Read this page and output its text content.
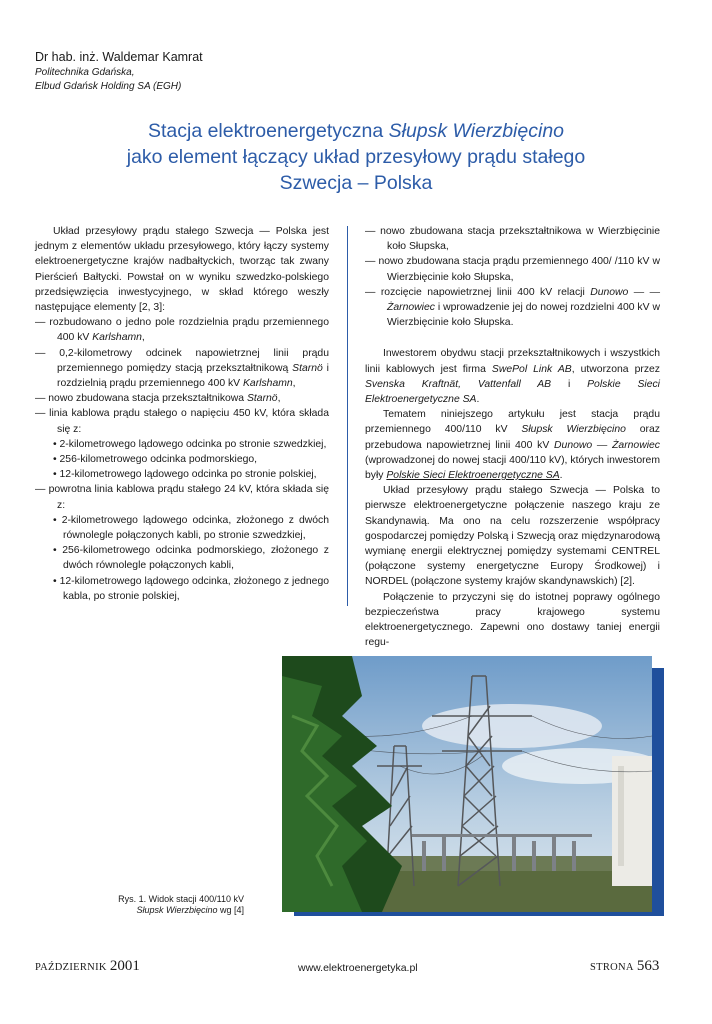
Dr hab. inż. Waldemar Kamrat
Politechnika Gdańska,
Elbud Gdańsk Holding SA (EGH)
Stacja elektroenergetyczna Słupsk Wierzbięcino
jako element łączący układ przesyłowy prądu stałego
Szwecja – Polska

Układ przesyłowy prądu stałego Szwecja — Polska jest jednym z elementów układu przesyłowego, który łączy systemy elektroenergetyczne krajów nadbałtyckich, tworząc tak zwany Pierścień Bałtycki. Powstał on w wyniku szwedzko-polskiego przedsięwzięcia inwestycyjnego, w skład którego weszły następujące elementy [2, 3]:

— rozbudowano o jedno pole rozdzielnia prądu przemiennego 400 kV Karlshamn,

— 0,2-kilometrowy odcinek napowietrznej linii prądu przemiennego pomiędzy stacją przekształtnikową Starnö i rozdzielnią prądu przemiennego 400 kV Karlshamn,

— nowo zbudowana stacja przekształtnikowa Starnö,

— linia kablowa prądu stałego o napięciu 450 kV, która składa się z:

• 2-kilometrowego lądowego odcinka po stronie szwedzkiej,

• 256-kilometrowego odcinka podmorskiego,

• 12-kilometrowego lądowego odcinka po stronie polskiej,

— powrotna linia kablowa prądu stałego 24 kV, która składa się z:

• 2-kilometrowego lądowego odcinka, złożonego z dwóch równolegle połączonych kabli, po stronie szwedzkiej,

• 256-kilometrowego odcinka podmorskiego, złożonego z dwóch równolegle połączonych kabli,

• 12-kilometrowego lądowego odcinka, złożonego z jednego kabla, po stronie polskiej,

— nowo zbudowana stacja przekształtnikowa w Wierzbięcinie koło Słupska,

— nowo zbudowana stacja prądu przemiennego 400/ /110 kV w Wierzbięcinie koło Słupska,

— rozcięcie napowietrznej linii 400 kV relacji Dunowo — — Żarnowiec i wprowadzenie jej do nowej rozdzielni 400 kV w Wierzbięcinie koło Słupska.

Inwestorem obydwu stacji przekształtnikowych i wszystkich linii kablowych jest firma SwePol Link AB, utworzona przez Svenska Kraftnät, Vattenfall AB i Polskie Sieci Elektroenergetyczne SA.

Tematem niniejszego artykułu jest stacja prądu przemiennego 400/110 kV Słupsk Wierzbięcino oraz przebudowa napowietrznej linii 400 kV Dunowo — Żarnowiec (wprowadzonej do nowej stacji 400/110 kV), których inwestorem były Polskie Sieci Elektroenergetyczne SA.

Układ przesyłowy prądu stałego Szwecja — Polska to pierwsze elektroenergetyczne połączenie naszego kraju ze Skandynawią. Ma ono na celu rozszerzenie współpracy gospodarczej pomiędzy Polską i Szwecją oraz międzynarodową wymianę energii elektrycznej pomiędzy systemami CENTREL (połączone systemy energetyczne Europy Środkowej) i NORDEL (połączone systemy krajów skandynawskich) [2].

Połączenie to przyczyni się do istotnej poprawy ogólnego bezpieczeństwa pracy krajowego systemu elektroenergetycznego. Zapewni ono dostawy taniej energii regu-

Rys. 1. Widok stacji 400/110 kV
Słupsk Wierzbięcino wg [4]
PAŹDZIERNIK 2001	www.elektroenergetyka.pl	STRONA 563
